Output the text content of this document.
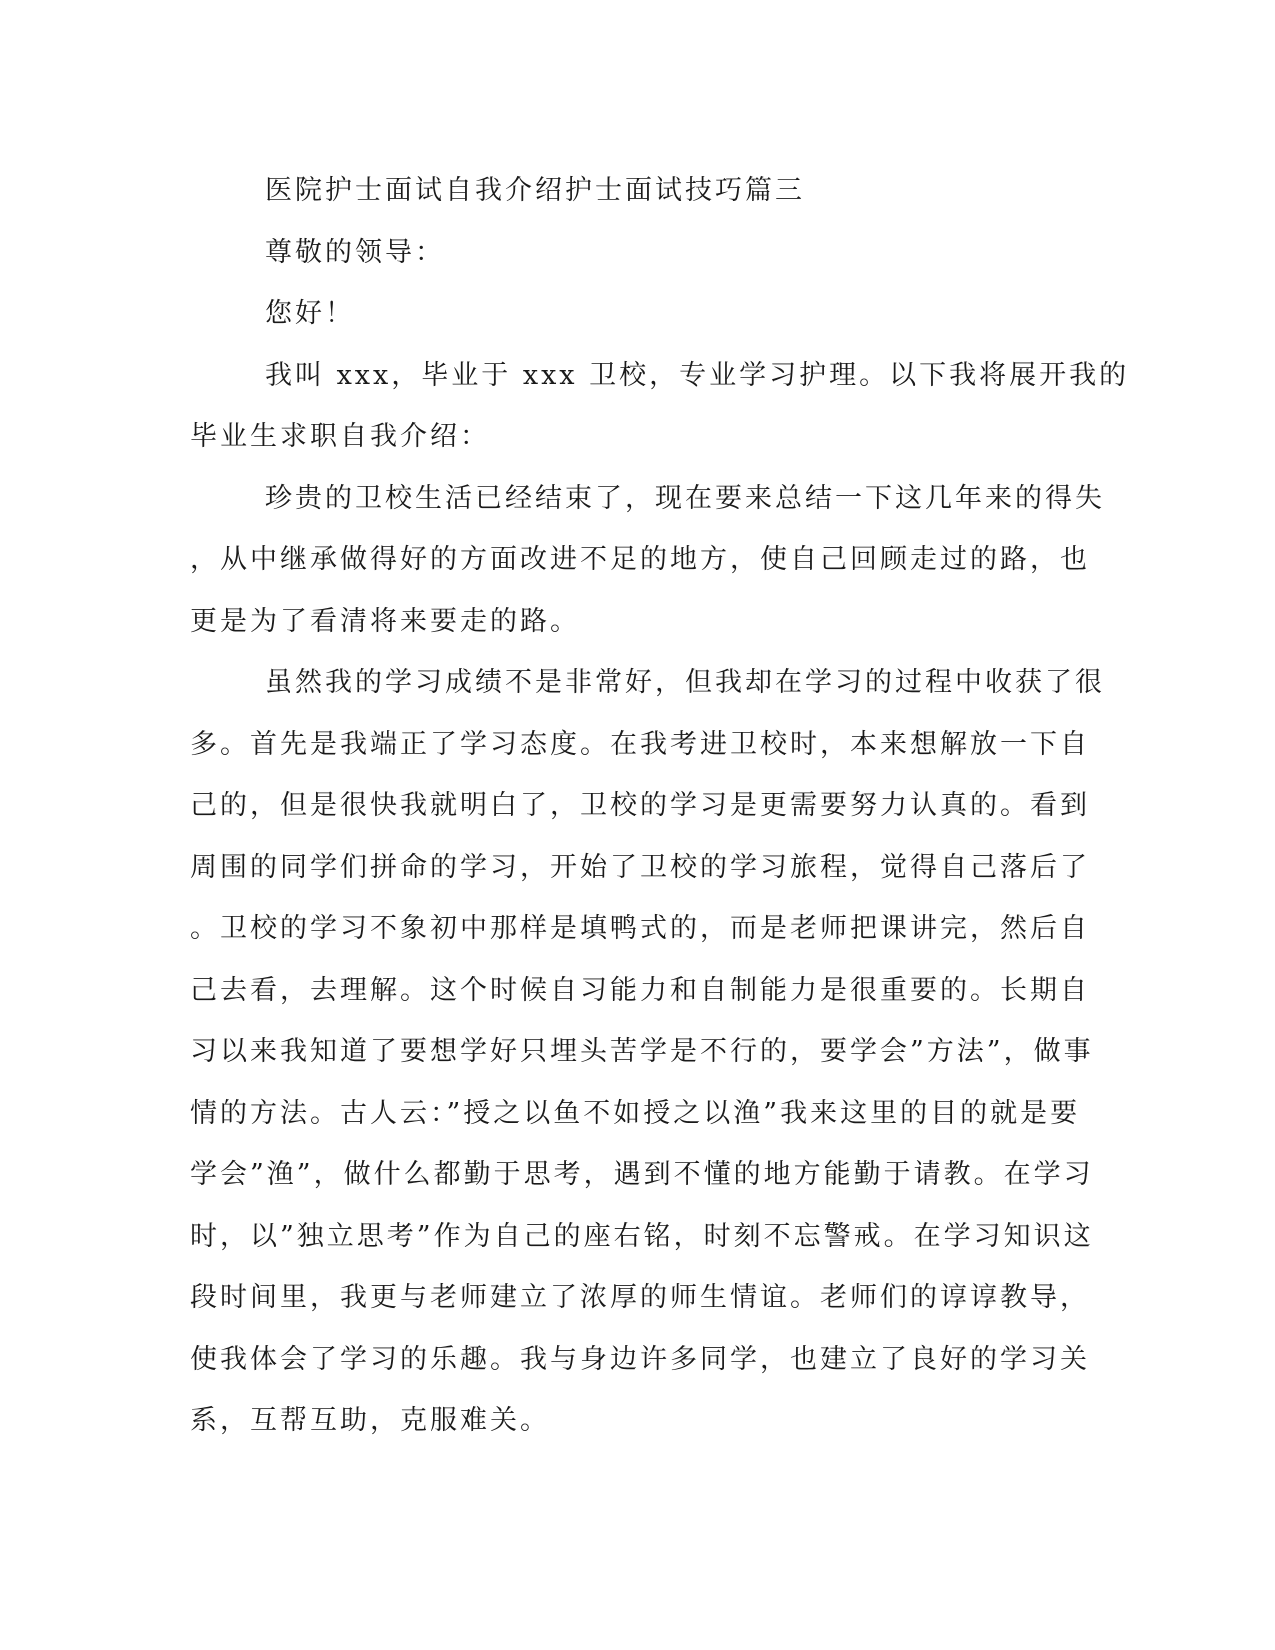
医院护士面试自我介绍护士面试技巧篇三
尊敬的领导：
您好！
我叫 xxx，毕业于 xxx 卫校，专业学习护理。以下我将展开我的
毕业生求职自我介绍：
珍贵的卫校生活已经结束了，现在要来总结一下这几年来的得失
，从中继承做得好的方面改进不足的地方，使自己回顾走过的路，也
更是为了看清将来要走的路。
虽然我的学习成绩不是非常好，但我却在学习的过程中收获了很
多。首先是我端正了学习态度。在我考进卫校时，本来想解放一下自
己的，但是很快我就明白了，卫校的学习是更需要努力认真的。看到
周围的同学们拼命的学习，开始了卫校的学习旅程，觉得自己落后了
。卫校的学习不象初中那样是填鸭式的，而是老师把课讲完，然后自
己去看，去理解。这个时候自习能力和自制能力是很重要的。长期自
习以来我知道了要想学好只埋头苦学是不行的，要学会”方法”，做事
情的方法。古人云：”授之以鱼不如授之以渔”我来这里的目的就是要
学会”渔”，做什么都勤于思考，遇到不懂的地方能勤于请教。在学习
时，以”独立思考”作为自己的座右铭，时刻不忘警戒。在学习知识这
段时间里，我更与老师建立了浓厚的师生情谊。老师们的谆谆教导，
使我体会了学习的乐趣。我与身边许多同学，也建立了良好的学习关
系，互帮互助，克服难关。
